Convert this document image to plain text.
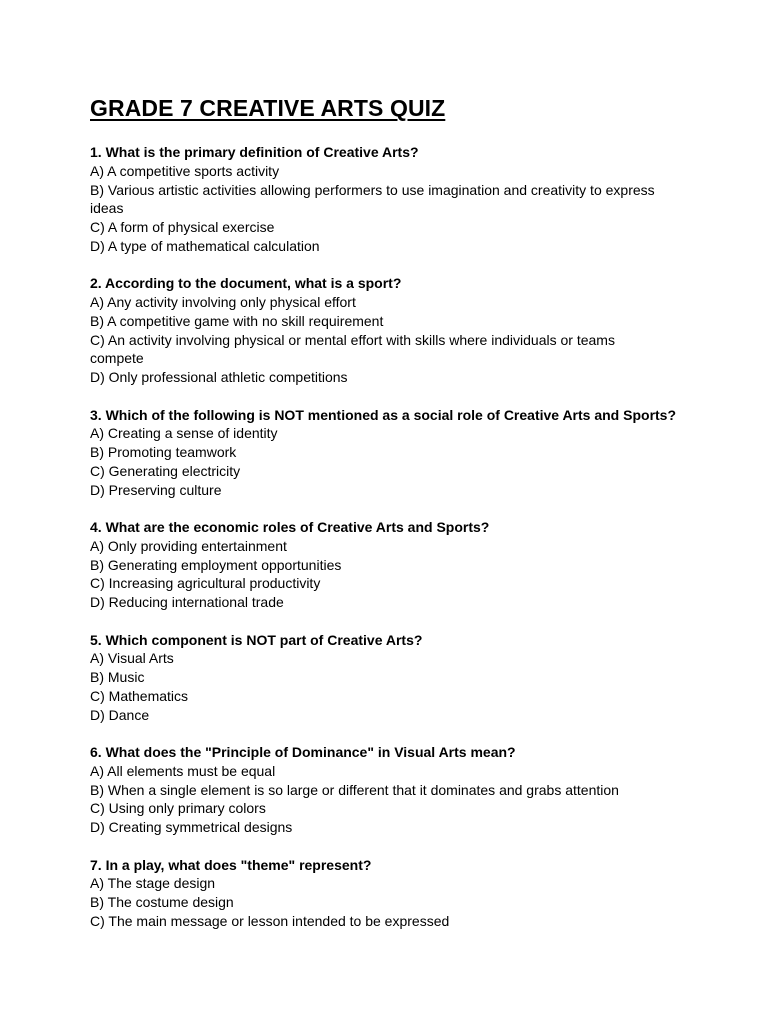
GRADE 7 CREATIVE ARTS QUIZ

1. What is the primary definition of Creative Arts?

A) A competitive sports activity
B) Various artistic activities allowing performers to use imagination and creativity to express ideas
C) A form of physical exercise
D) A type of mathematical calculation

2. According to the document, what is a sport?

A) Any activity involving only physical effort
B) A competitive game with no skill requirement
C) An activity involving physical or mental effort with skills where individuals or teams compete
D) Only professional athletic competitions

3. Which of the following is NOT mentioned as a social role of Creative Arts and Sports?

A) Creating a sense of identity
B) Promoting teamwork
C) Generating electricity
D) Preserving culture

4. What are the economic roles of Creative Arts and Sports?

A) Only providing entertainment
B) Generating employment opportunities
C) Increasing agricultural productivity
D) Reducing international trade

5. Which component is NOT part of Creative Arts?

A) Visual Arts
B) Music
C) Mathematics
D) Dance

6. What does the "Principle of Dominance" in Visual Arts mean?

A) All elements must be equal
B) When a single element is so large or different that it dominates and grabs attention
C) Using only primary colors
D) Creating symmetrical designs

7. In a play, what does "theme" represent?

A) The stage design
B) The costume design
C) The main message or lesson intended to be expressed
